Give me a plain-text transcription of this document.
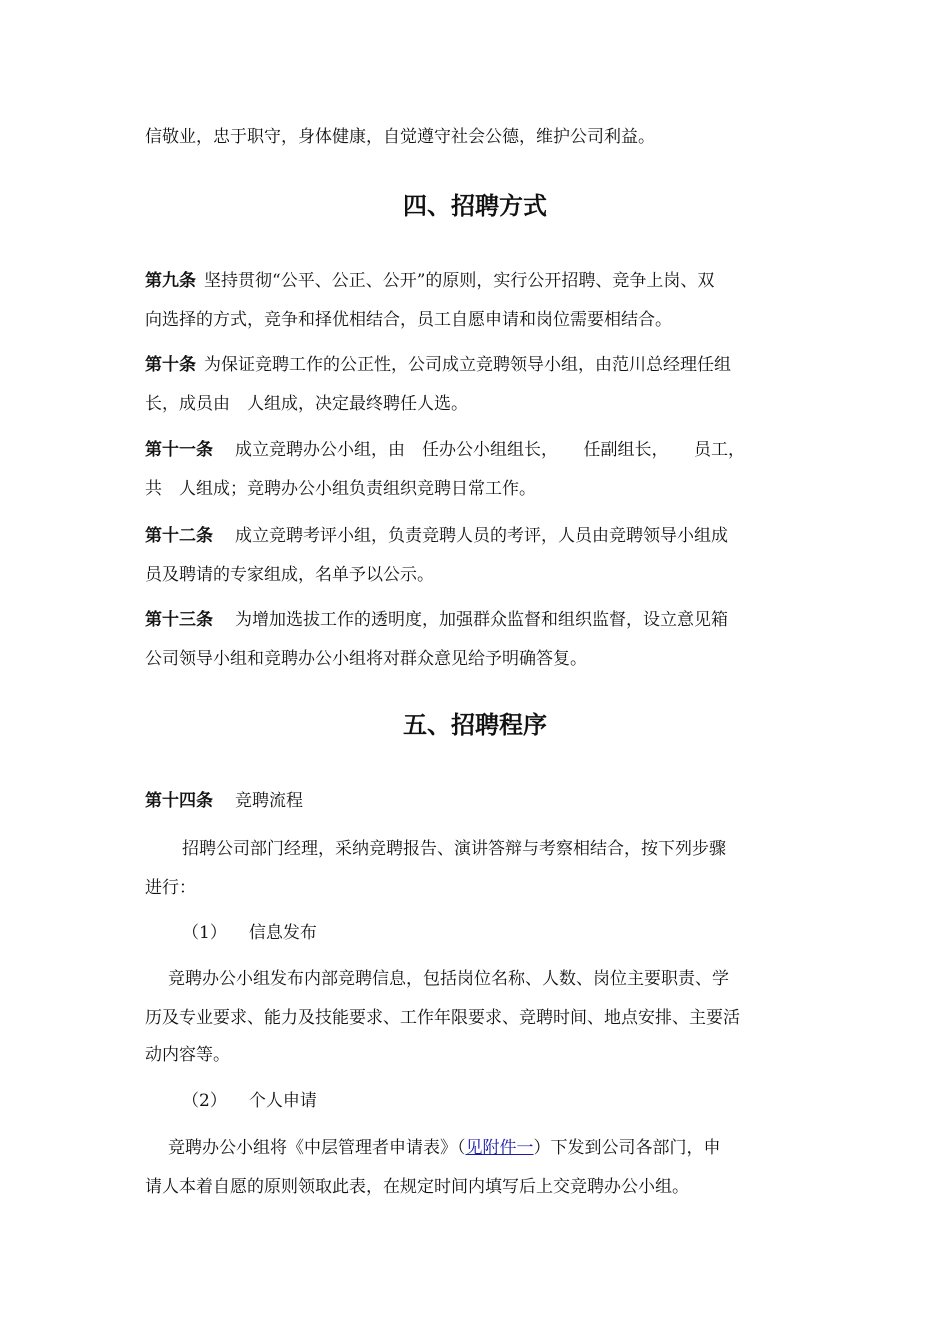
信敬业，忠于职守，身体健康，自觉遵守社会公德，维护公司利益。
四、招聘方式
第九条 坚持贯彻“公平、公正、公开”的原则，实行公开招聘、竞争上岗、双
向选择的方式，竞争和择优相结合，员工自愿申请和岗位需要相结合。
第十条 为保证竞聘工作的公正性，公司成立竞聘领导小组，由范川总经理任组
长，成员由　人组成，决定最终聘任人选。
第十一条 成立竞聘办公小组，由　任办公小组组长，　　任副组长，　　员工，
共　人组成；竞聘办公小组负责组织竞聘日常工作。
第十二条 成立竞聘考评小组，负责竞聘人员的考评，人员由竞聘领导小组成
员及聘请的专家组成，名单予以公示。
第十三条 为增加选拔工作的透明度，加强群众监督和组织监督，设立意见箱
公司领导小组和竞聘办公小组将对群众意见给予明确答复。
五、招聘程序
第十四条 竞聘流程
招聘公司部门经理，采纳竞聘报告、演讲答辩与考察相结合，按下列步骤
进行：
（1） 信息发布
竞聘办公小组发布内部竞聘信息，包括岗位名称、人数、岗位主要职责、学
历及专业要求、能力及技能要求、工作年限要求、竞聘时间、地点安排、主要活
动内容等。
（2） 个人申请
竞聘办公小组将《中层管理者申请表》（见附件一）下发到公司各部门，申
请人本着自愿的原则领取此表，在规定时间内填写后上交竞聘办公小组。
